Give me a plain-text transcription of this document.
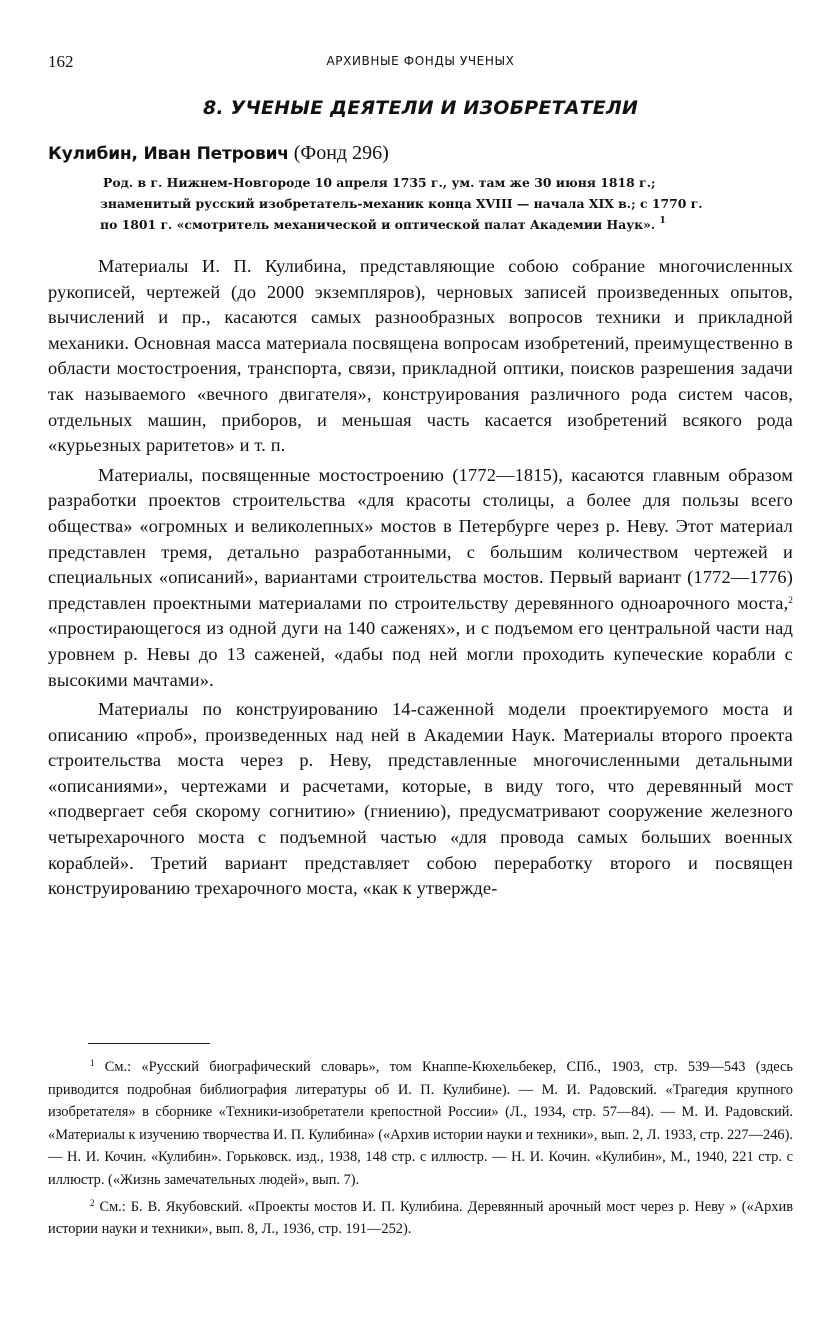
162	АРХИВНЫЕ ФОНДЫ УЧЕНЫХ
8. УЧЕНЫЕ ДЕЯТЕЛИ И ИЗОБРЕТАТЕЛИ
Кулибин, Иван Петрович (Фонд 296)
Род. в г. Нижнем-Новгороде 10 апреля 1735 г., ум. там же 30 июня 1818 г.;
знаменитый русский изобретатель-механик конца XVIII — начала XIX в.; с 1770 г.
по 1801 г. «смотритель механической и оптической палат Академии Наук». $^1$

Материалы И. П. Кулибина, представляющие собою собрание многочисленных рукописей, чертежей (до 2000 экземпляров), черновых записей произведенных опытов, вычислений и пр., касаются самых разнообразных вопросов техники и прикладной механики. Основная масса материала посвящена вопросам изобретений, преимущественно в области мостостроения, транспорта, связи, прикладной оптики, поисков разрешения задачи так называемого «вечного двигателя», конструирования различного рода систем часов, отдельных машин, приборов, и меньшая часть касается изобретений всякого рода «курьезных раритетов» и т. п.

Материалы, посвященные мостостроению (1772—1815), касаются главным образом разработки проектов строительства «для красоты столицы, а более для пользы всего общества» «огромных и великолепных» мостов в Петербурге через р. Неву. Этот материал представлен тремя, детально разработанными, с большим количеством чертежей и специальных «описаний», вариантами строительства мостов. Первый вариант (1772—1776) представлен проектными материалами по строительству деревянного одноарочного моста,$^2$ «простирающегося из одной дуги на 140 саженях», и с подъемом его центральной части над уровнем р. Невы до 13 саженей, «дабы под ней могли проходить купеческие корабли с высокими мачтами».

Материалы по конструированию 14-саженной модели проектируемого моста и описанию «проб», произведенных над ней в Академии Наук. Материалы второго проекта строительства моста через р. Неву, представленные многочисленными детальными «описаниями», чертежами и расчетами, которые, в виду того, что деревянный мост «подвергает себя скорому согнитию» (гниению), предусматривают сооружение железного четырехарочного моста с подъемной частью «для провода самых больших военных кораблей». Третий вариант представляет собою переработку второго и посвящен конструированию трехарочного моста, «как к утвержде-

$^1$ См.: «Русский биографический словарь», том Кнаппе-Кюхельбекер, СПб., 1903, стр. 539—543 (здесь приводится подробная библиография литературы об И. П. Кулибине). — М. И. Радовский. «Трагедия крупного изобретателя» в сборнике «Техники-изобретатели крепостной России» (Л., 1934, стр. 57—84). — М. И. Радовский. «Материалы к изучению творчества И. П. Кулибина» («Архив истории науки и техники», вып. 2, Л. 1933, стр. 227—246). — Н. И. Кочин. «Кулибин». Горьковск. изд., 1938, 148 стр. с иллюстр. — Н. И. Кочин. «Кулибин», М., 1940, 221 стр. с иллюстр. («Жизнь замечательных людей», вып. 7).

$^2$ См.: Б. В. Якубовский. «Проекты мостов И. П. Кулибина. Деревянный арочный мост через р. Неву » («Архив истории науки и техники», вып. 8, Л., 1936, стр. 191—252).
